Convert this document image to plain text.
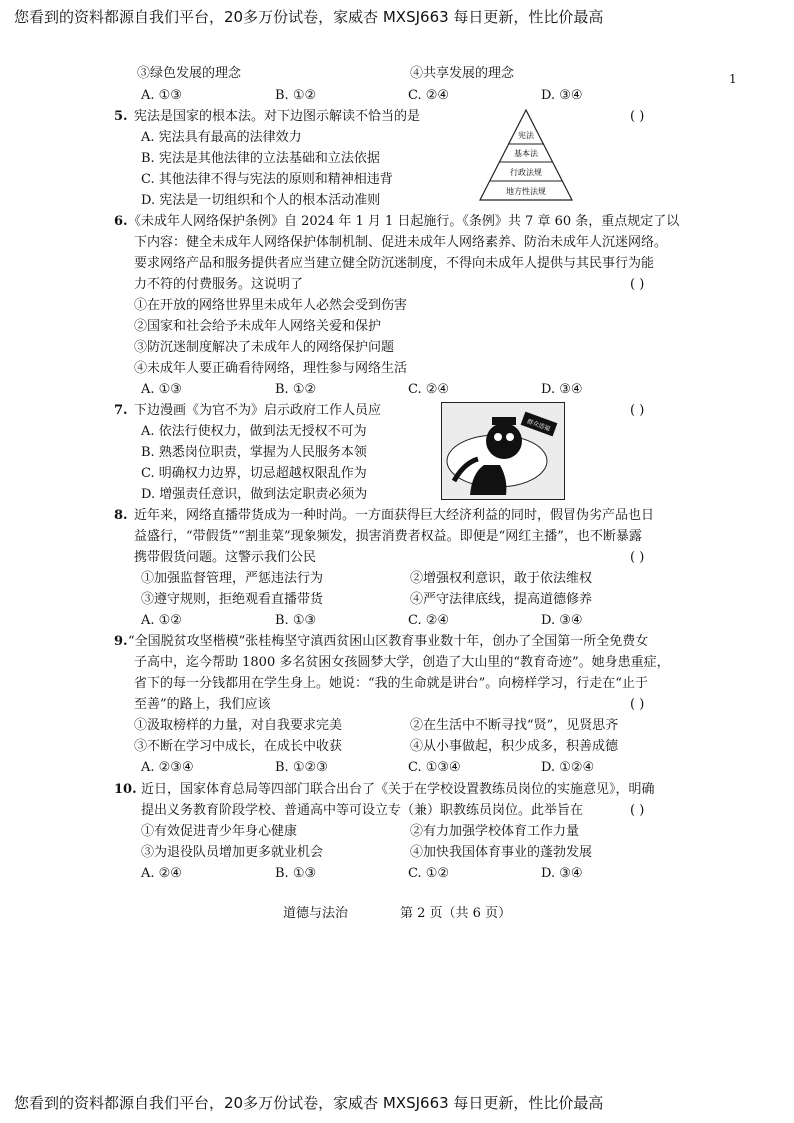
您看到的资料都源自我们平台，20多万份试卷，家威杏 MXSJ663 每日更新，性比价最高
1
③绿色发展的理念	④共享发展的理念
A. ①③	B. ①②	C. ②④	D. ③④
5. 宪法是国家的根本法。对下边图示解读不恰当的是	( )
A. 宪法具有最高的法律效力
B. 宪法是其他法律的立法基础和立法依据
C. 其他法律不得与宪法的原则和精神相违背
D. 宪法是一切组织和个人的根本活动准则
宪法
基本法
行政法规
地方性法规
6. 《未成年人网络保护条例》自 2024 年 1 月 1 日起施行。《条例》共 7 章 60 条，重点规定了以
下内容：健全未成年人网络保护体制机制、促进未成年人网络素养、防治未成年人沉迷网络。
要求网络产品和服务提供者应当建立健全防沉迷制度，不得向未成年人提供与其民事行为能
力不符的付费服务。这说明了	( )
①在开放的网络世界里未成年人必然会受到伤害
②国家和社会给予未成年人网络关爱和保护
③防沉迷制度解决了未成年人的网络保护问题
④未成年人要正确看待网络，理性参与网络生活
A. ①③	B. ①②	C. ②④	D. ③④
7. 下边漫画《为官不为》启示政府工作人员应	( )
A. 依法行使权力，做到法无授权不可为
B. 熟悉岗位职责，掌握为人民服务本领
C. 明确权力边界，切忌超越权限乱作为
D. 增强责任意识，做到法定职责必须为
群众造福
8. 近年来，网络直播带货成为一种时尚。一方面获得巨大经济利益的同时，假冒伪劣产品也日
益盛行，“带假货”“割韭菜”现象频发，损害消费者权益。即便是“网红主播”，也不断暴露
携带假货问题。这警示我们公民	( )
①加强监督管理，严惩违法行为	②增强权利意识，敢于依法维权
③遵守规则，拒绝观看直播带货	④严守法律底线，提高道德修养
A. ①②	B. ①③	C. ②④	D. ③④
9. “全国脱贫攻坚楷模”张桂梅坚守滇西贫困山区教育事业数十年，创办了全国第一所全免费女
子高中，迄今帮助 1800 多名贫困女孩圆梦大学，创造了大山里的“教育奇迹”。她身患重症，
省下的每一分钱都用在学生身上。她说：“我的生命就是讲台”。向榜样学习，行走在“止于
至善”的路上，我们应该	( )
①汲取榜样的力量，对自我要求完美	②在生活中不断寻找“贤”，见贤思齐
③不断在学习中成长，在成长中收获	④从小事做起，积少成多，积善成德
A. ②③④	B. ①②③	C. ①③④	D. ①②④
10. 近日，国家体育总局等四部门联合出台了《关于在学校设置教练员岗位的实施意见》，明确
提出义务教育阶段学校、普通高中等可设立专（兼）职教练员岗位。此举旨在	( )
①有效促进青少年身心健康	②有力加强学校体育工作力量
③为退役队员增加更多就业机会	④加快我国体育事业的蓬勃发展
A. ②④	B. ①③	C. ①②	D. ③④
道德与法治	第 2 页（共 6 页）
您看到的资料都源自我们平台，20多万份试卷，家威杏 MXSJ663 每日更新，性比价最高
